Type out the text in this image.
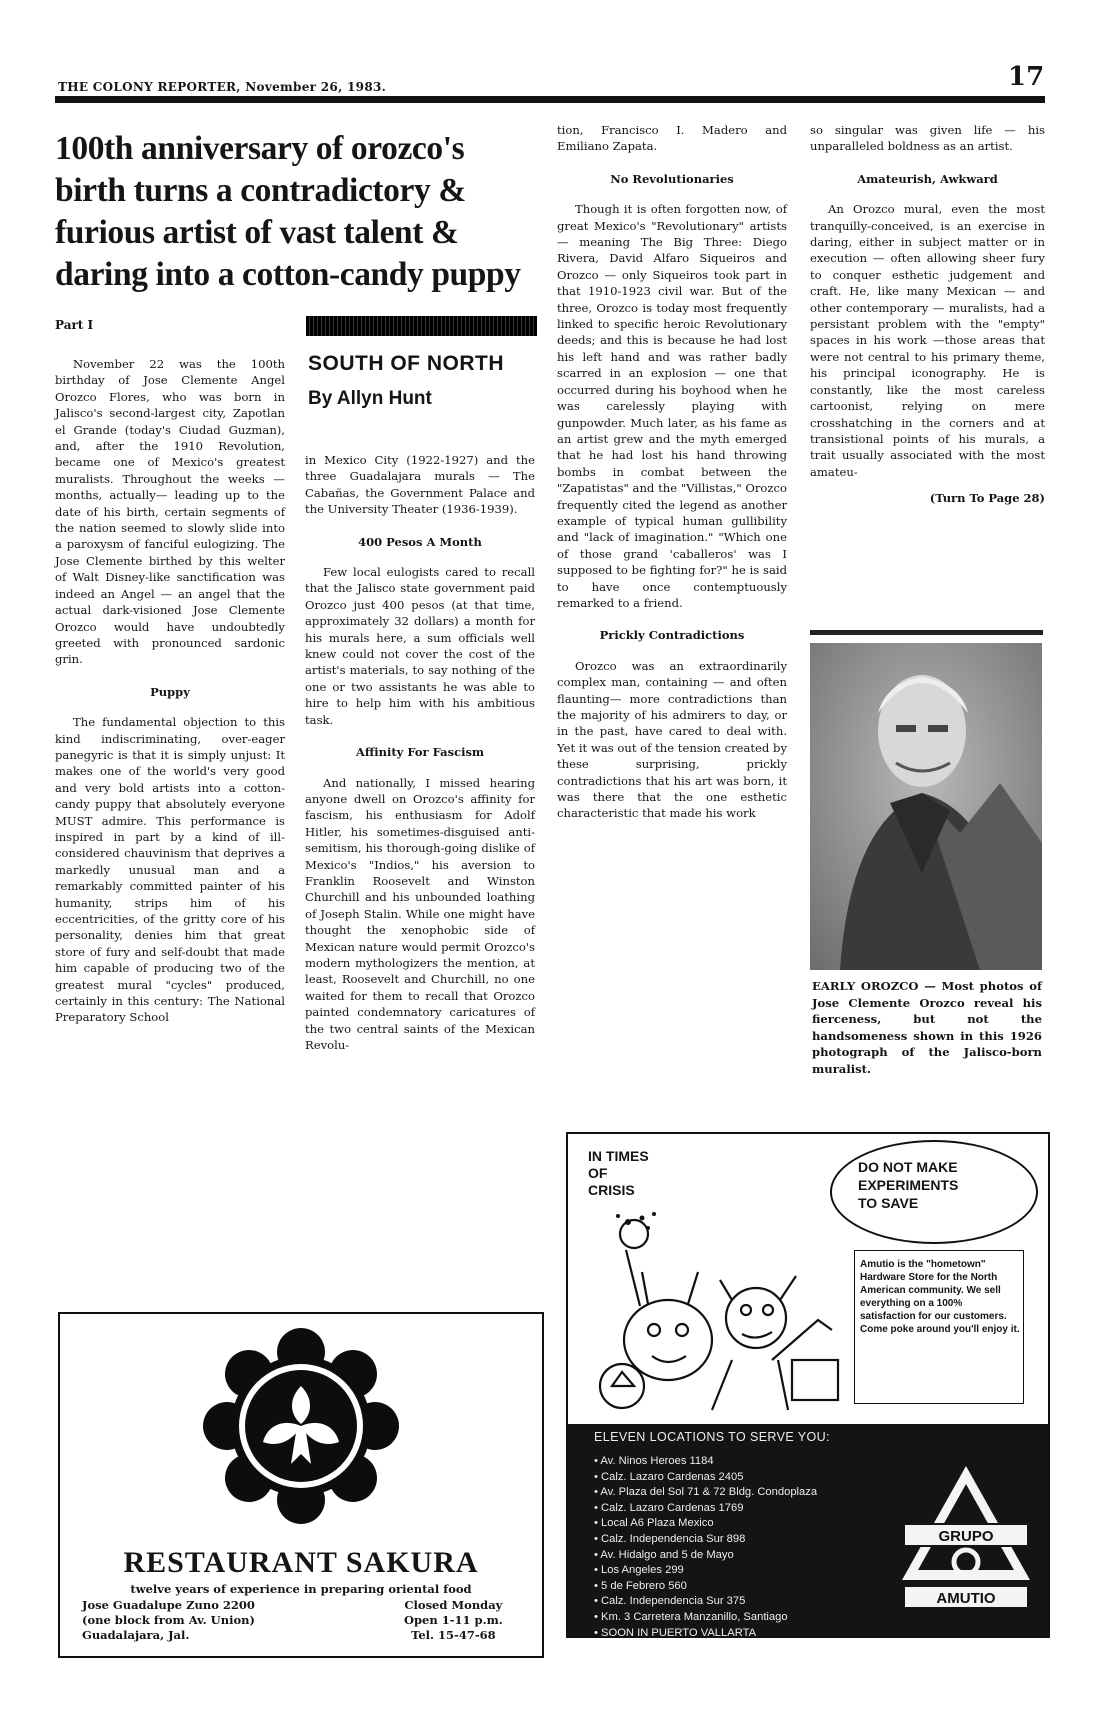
THE COLONY REPORTER, November 26, 1983.	17
100th anniversary of orozco's
birth turns a contradictory &
furious artist of vast talent &
daring into a cotton-candy puppy
Part I

November 22 was the 100th birthday of Jose Clemente Angel Orozco Flores, who was born in Jalisco's second-largest city, Zapotlan el Grande (today's Ciudad Guzman), and, after the 1910 Revolution, became one of Mexico's greatest muralists. Throughout the weeks — months, actually— leading up to the date of his birth, certain segments of the nation seemed to slowly slide into a paroxysm of fanciful eulogizing. The Jose Clemente birthed by this welter of Walt Disney-like sanctification was indeed an Angel — an angel that the actual dark-visioned Jose Clemente Orozco would have undoubtedly greeted with pronounced sardonic grin.

Puppy

The fundamental objection to this kind indiscriminating, over-eager panegyric is that it is simply unjust: It makes one of the world's very good and very bold artists into a cotton-candy puppy that absolutely everyone MUST admire. This performance is inspired in part by a kind of ill-considered chauvinism that deprives a markedly unusual man and a remarkably committed painter of his humanity, strips him of his eccentricities, of the gritty core of his personality, denies him that great store of fury and self-doubt that made him capable of producing two of the greatest mural "cycles" produced, certainly in this century: The National Preparatory School

SOUTH OF NORTH
By Allyn Hunt

in Mexico City (1922-1927) and the three Guadalajara murals — The Cabañas, the Government Palace and the University Theater (1936-1939).

400 Pesos A Month

Few local eulogists cared to recall that the Jalisco state government paid Orozco just 400 pesos (at that time, approximately 32 dollars) a month for his murals here, a sum officials well knew could not cover the cost of the artist's materials, to say nothing of the one or two assistants he was able to hire to help him with his ambitious task.

Affinity For Fascism

And nationally, I missed hearing anyone dwell on Orozco's affinity for fascism, his enthusiasm for Adolf Hitler, his sometimes-disguised anti-semitism, his thorough-going dislike of Mexico's "Indios," his aversion to Franklin Roosevelt and Winston Churchill and his unbounded loathing of Joseph Stalin. While one might have thought the xenophobic side of Mexican nature would permit Orozco's modern mythologizers the mention, at least, Roosevelt and Churchill, no one waited for them to recall that Orozco painted condemnatory caricatures of the two central saints of the Mexican Revolu-

tion, Francisco I. Madero and Emiliano Zapata.

No Revolutionaries

Though it is often forgotten now, of great Mexico's "Revolutionary" artists — meaning The Big Three: Diego Rivera, David Alfaro Siqueiros and Orozco — only Siqueiros took part in that 1910-1923 civil war. But of the three, Orozco is today most frequently linked to specific heroic Revolutionary deeds; and this is because he had lost his left hand and was rather badly scarred in an explosion — one that occurred during his boyhood when he was carelessly playing with gunpowder. Much later, as his fame as an artist grew and the myth emerged that he had lost his hand throwing bombs in combat between the "Zapatistas" and the "Villistas," Orozco frequently cited the legend as another example of typical human gullibility and "lack of imagination." "Which one of those grand 'caballeros' was I supposed to be fighting for?" he is said to have once contemptuously remarked to a friend.

Prickly Contradictions

Orozco was an extraordinarily complex man, containing — and often flaunting— more contradictions than the majority of his admirers to day, or in the past, have cared to deal with. Yet it was out of the tension created by these surprising, prickly contradictions that his art was born, it was there that the one esthetic characteristic that made his work

so singular was given life — his unparalleled boldness as an artist.

Amateurish, Awkward

An Orozco mural, even the most tranquilly-conceived, is an exercise in daring, either in subject matter or in execution — often allowing sheer fury to conquer esthetic judgement and craft. He, like many Mexican — and other contemporary — muralists, had a persistant problem with the "empty" spaces in his work —those areas that were not central to his primary theme, his principal iconography. He is constantly, like the most careless cartoonist, relying on mere crosshatching in the corners and at transistional points of his murals, a trait usually associated with the most amateu-

(Turn To Page 28)
EARLY OROZCO — Most photos of Jose Clemente Orozco reveal his fierceness, but not the handsomeness shown in this 1926 photograph of the Jalisco-born muralist.
RESTAURANT SAKURA
twelve years of experience in preparing oriental food
Jose Guadalupe Zuno 2200
(one block from Av. Union)
Guadalajara, Jal.
Closed Monday
Open 1-11 p.m.
Tel. 15-47-68
IN TIMES
OF
CRISIS
DO NOT MAKE
EXPERIMENTS
TO SAVE
Amutio is the "hometown" Hardware Store for the North American community. We sell everything on a 100% satisfaction for our customers. Come poke around you'll enjoy it.
ELEVEN LOCATIONS TO SERVE YOU:
• Av. Ninos Heroes 1184
• Calz. Lazaro Cardenas 2405
• Av. Plaza del Sol 71 & 72 Bldg. Condoplaza
• Calz. Lazaro Cardenas 1769
• Local A6 Plaza Mexico
• Calz. Independencia Sur 898
• Av. Hidalgo and 5 de Mayo
• Los Angeles 299
• 5 de Febrero 560
• Calz. Independencia Sur 375
• Km. 3 Carretera Manzanillo, Santiago
• SOON IN PUERTO VALLARTA
GRUPO
AMUTIO
